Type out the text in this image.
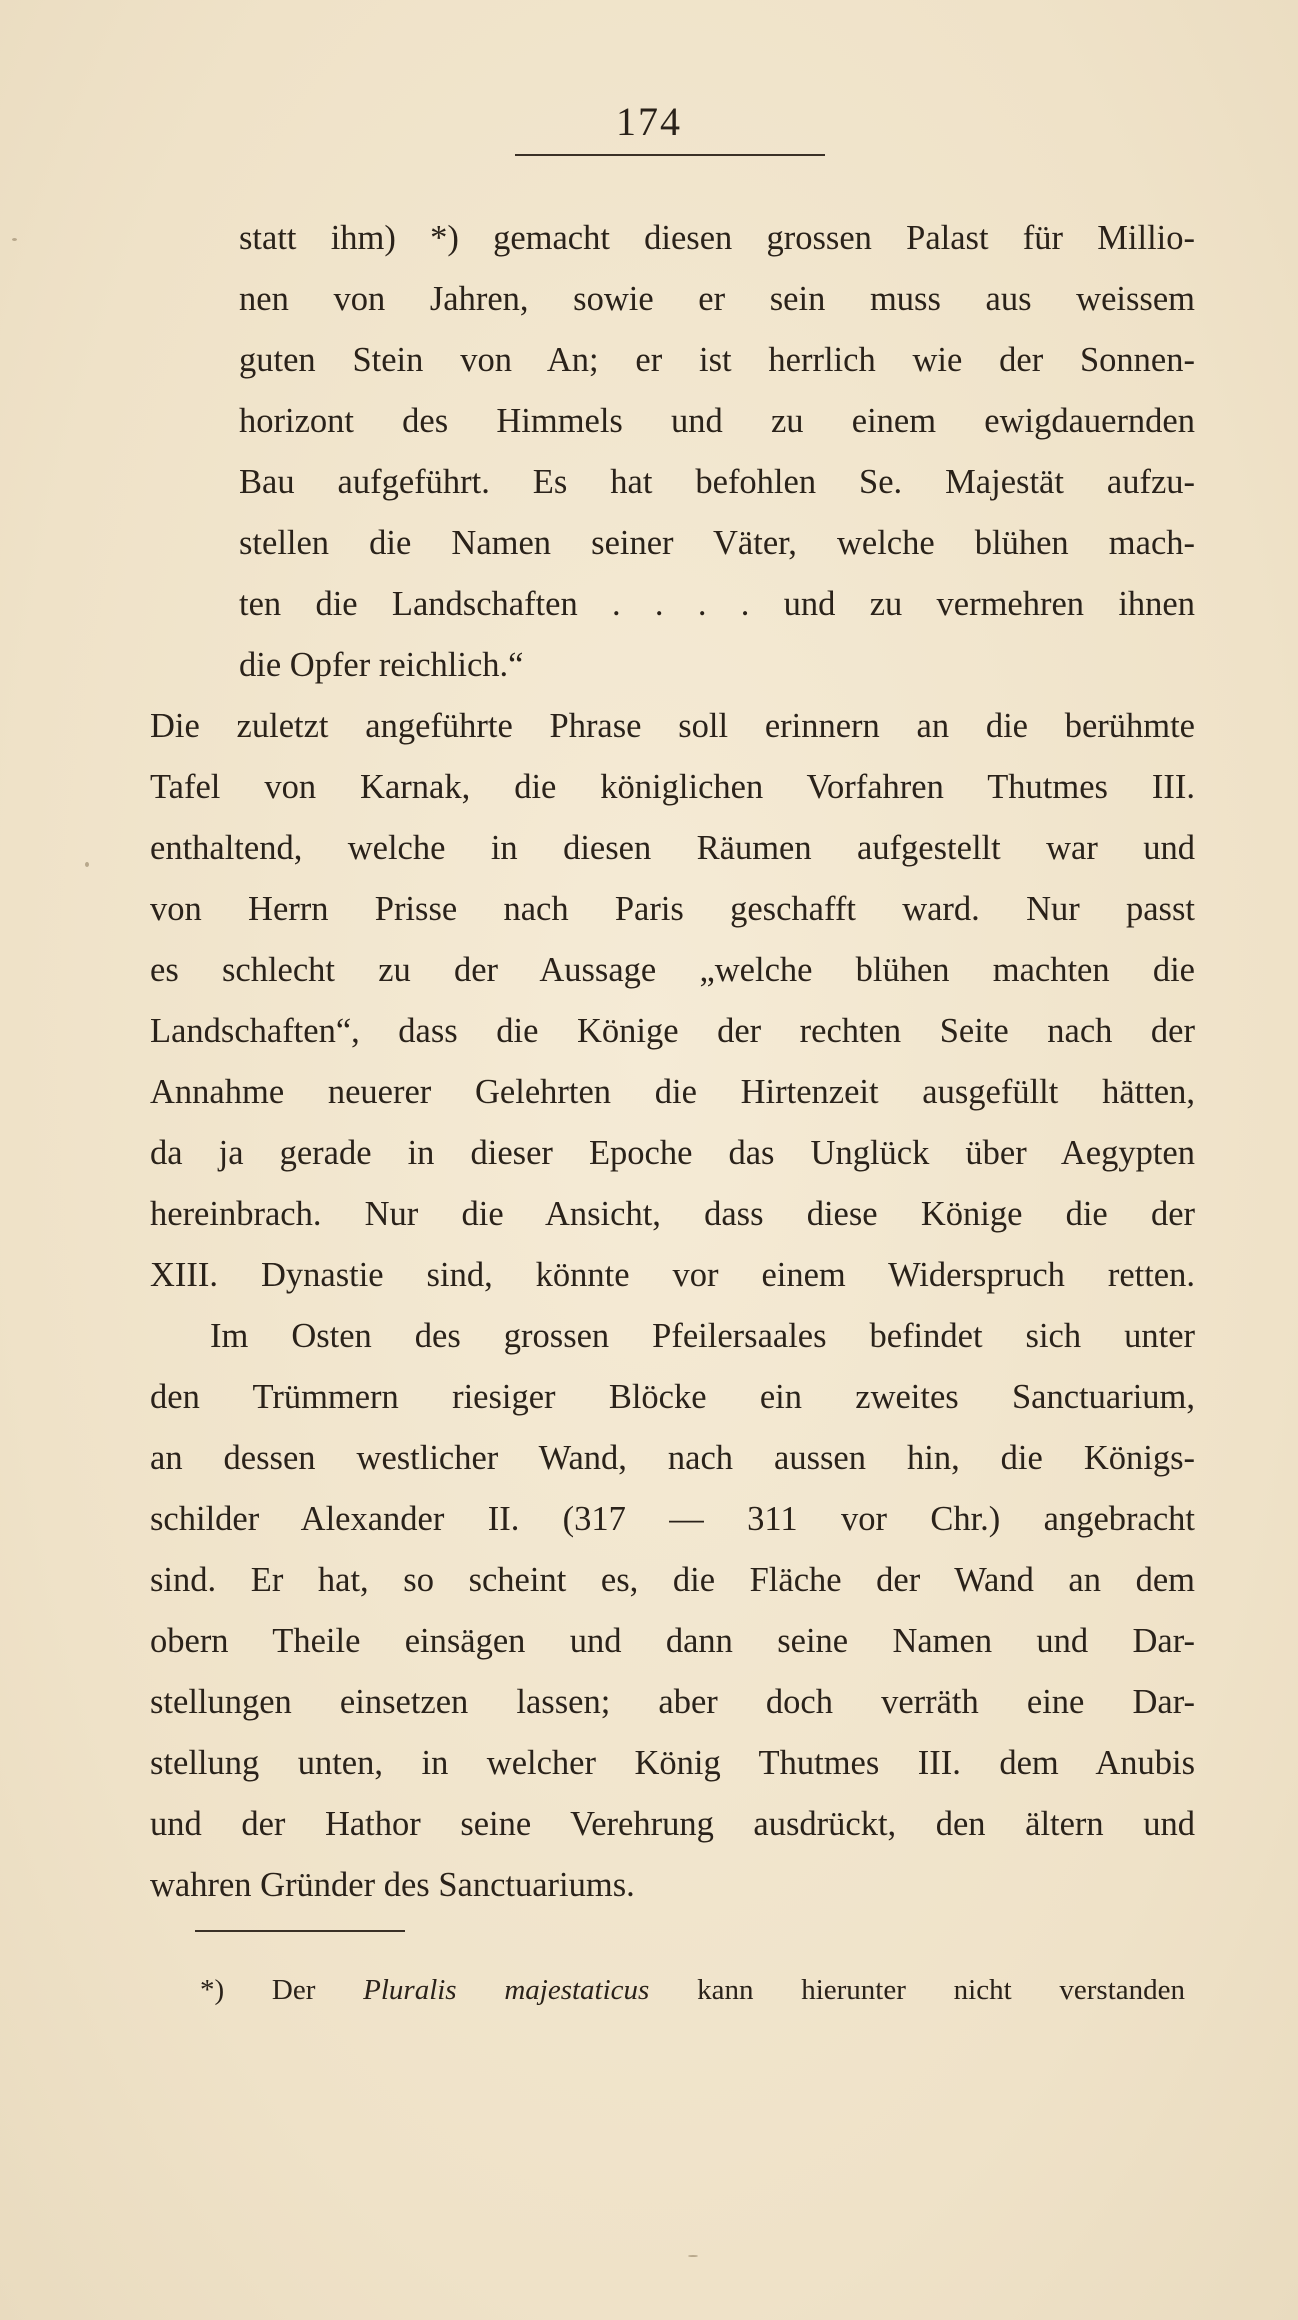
174
statt ihm) *) gemacht diesen grossen Palast für Millio-
nen von Jahren, sowie er sein muss aus weissem
guten Stein von An; er ist herrlich wie der Sonnen-
horizont des Himmels und zu einem ewigdauernden
Bau aufgeführt. Es hat befohlen Se. Majestät aufzu-
stellen die Namen seiner Väter, welche blühen mach-
ten die Landschaften . . . . und zu vermehren ihnen
die Opfer reichlich.“
Die zuletzt angeführte Phrase soll erinnern an die berühmte
Tafel von Karnak, die königlichen Vorfahren Thutmes III.
enthaltend, welche in diesen Räumen aufgestellt war und
von Herrn Prisse nach Paris geschafft ward. Nur passt
es schlecht zu der Aussage „welche blühen machten die
Landschaften“, dass die Könige der rechten Seite nach der
Annahme neuerer Gelehrten die Hirtenzeit ausgefüllt hätten,
da ja gerade in dieser Epoche das Unglück über Aegypten
hereinbrach. Nur die Ansicht, dass diese Könige die der
XIII. Dynastie sind, könnte vor einem Widerspruch retten.
Im Osten des grossen Pfeilersaales befindet sich unter
den Trümmern riesiger Blöcke ein zweites Sanctuarium,
an dessen westlicher Wand, nach aussen hin, die Königs-
schilder Alexander II. (317 — 311 vor Chr.) angebracht
sind. Er hat, so scheint es, die Fläche der Wand an dem
obern Theile einsägen und dann seine Namen und Dar-
stellungen einsetzen lassen; aber doch verräth eine Dar-
stellung unten, in welcher König Thutmes III. dem Anubis
und der Hathor seine Verehrung ausdrückt, den ältern und
wahren Gründer des Sanctuariums.
*) Der Pluralis majestaticus kann hierunter nicht verstanden
